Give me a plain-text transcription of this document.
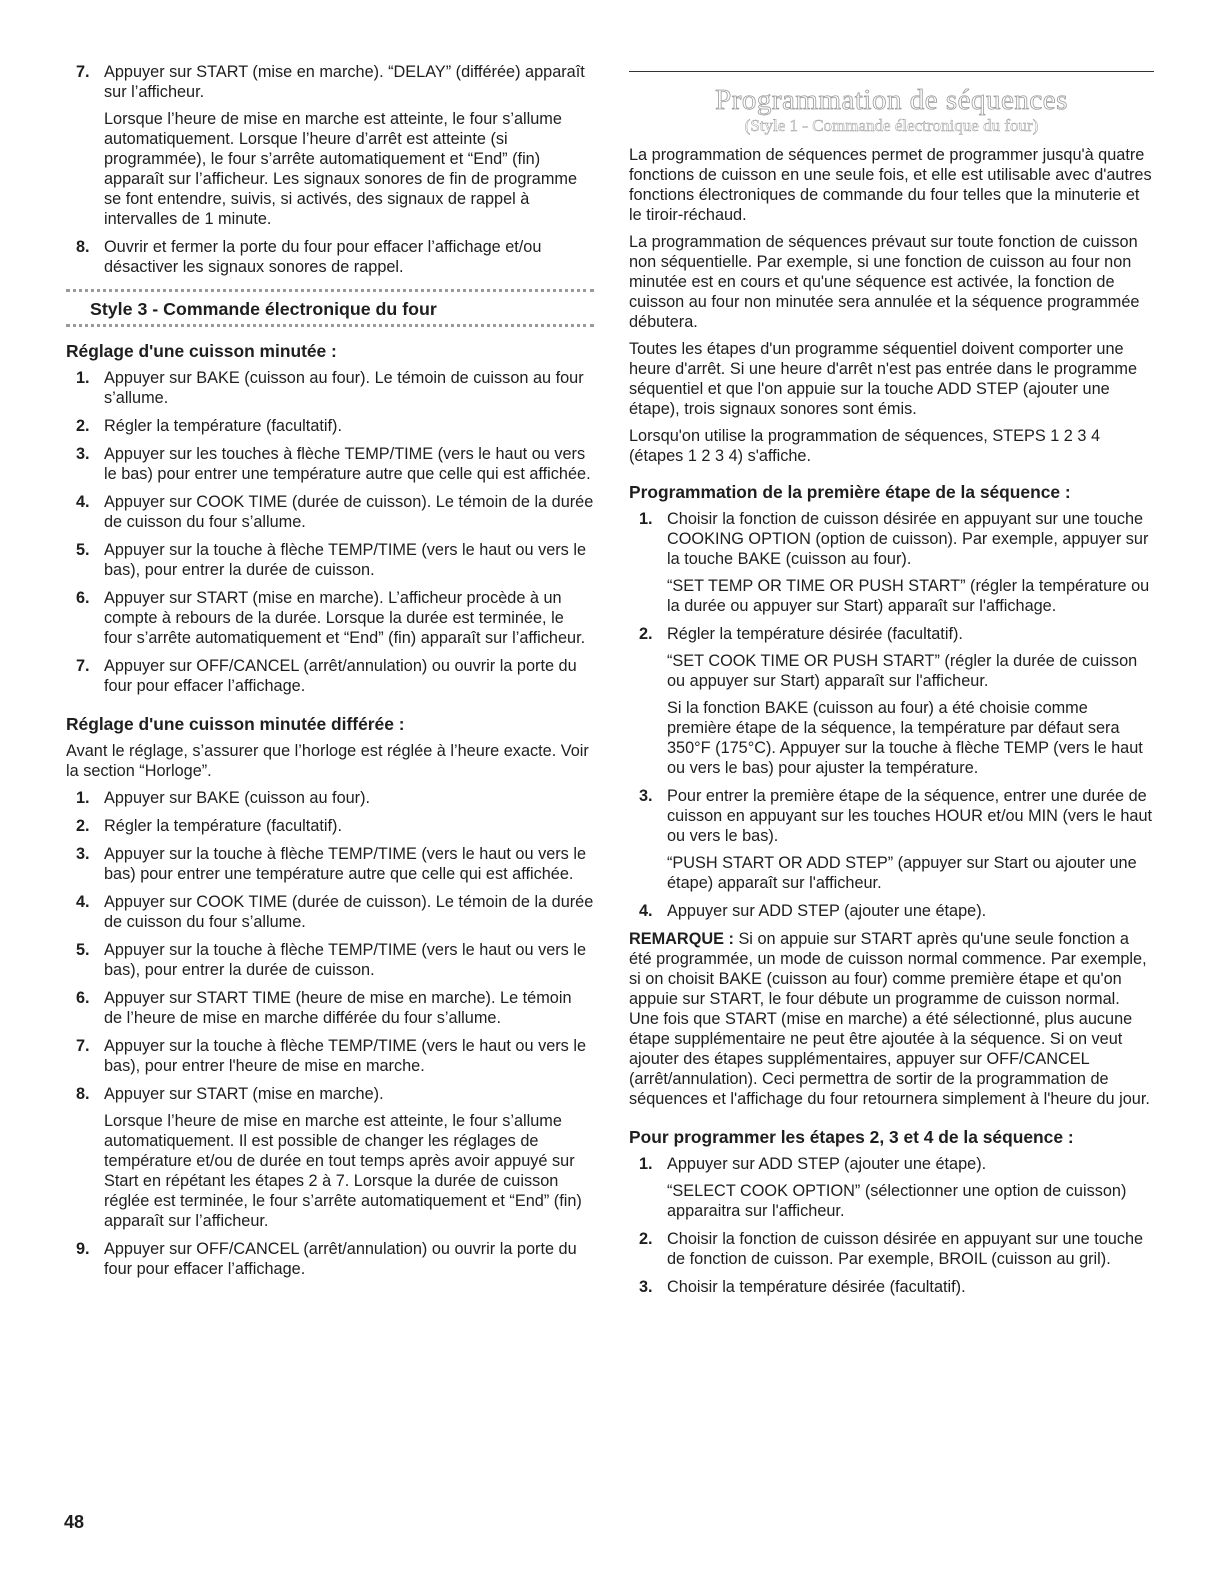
7. Appuyer sur START (mise en marche). “DELAY” (différée) apparaît sur l’afficheur.
Lorsque l’heure de mise en marche est atteinte, le four s’allume automatiquement. Lorsque l’heure d’arrêt est atteinte (si programmée), le four s’arrête automatiquement et “End” (fin) apparaît sur l’afficheur. Les signaux sonores de fin de programme se font entendre, suivis, si activés, des signaux de rappel à intervalles de 1 minute.
8. Ouvrir et fermer la porte du four pour effacer l’affichage et/ou désactiver les signaux sonores de rappel.
Style 3 - Commande électronique du four
Réglage d'une cuisson minutée :
1. Appuyer sur BAKE (cuisson au four). Le témoin de cuisson au four s’allume.
2. Régler la température (facultatif).
3. Appuyer sur les touches à flèche TEMP/TIME (vers le haut ou vers le bas) pour entrer une température autre que celle qui est affichée.
4. Appuyer sur COOK TIME (durée de cuisson). Le témoin de la durée de cuisson du four s’allume.
5. Appuyer sur la touche à flèche TEMP/TIME (vers le haut ou vers le bas), pour entrer la durée de cuisson.
6. Appuyer sur START (mise en marche). L’afficheur procède à un compte à rebours de la durée. Lorsque la durée est terminée, le four s’arrête automatiquement et “End” (fin) apparaît sur l’afficheur.
7. Appuyer sur OFF/CANCEL (arrêt/annulation) ou ouvrir la porte du four pour effacer l’affichage.
Réglage d'une cuisson minutée différée :
Avant le réglage, s’assurer que l’horloge est réglée à l’heure exacte. Voir la section “Horloge”.
1. Appuyer sur BAKE (cuisson au four).
2. Régler la température (facultatif).
3. Appuyer sur la touche à flèche TEMP/TIME (vers le haut ou vers le bas) pour entrer une température autre que celle qui est affichée.
4. Appuyer sur COOK TIME (durée de cuisson). Le témoin de la durée de cuisson du four s’allume.
5. Appuyer sur la touche à flèche TEMP/TIME (vers le haut ou vers le bas), pour entrer la durée de cuisson.
6. Appuyer sur START TIME (heure de mise en marche). Le témoin de l’heure de mise en marche différée du four s’allume.
7. Appuyer sur la touche à flèche TEMP/TIME (vers le haut ou vers le bas), pour entrer l'heure de mise en marche.
8. Appuyer sur START (mise en marche).
Lorsque l’heure de mise en marche est atteinte, le four s’allume automatiquement. Il est possible de changer les réglages de température et/ou de durée en tout temps après avoir appuyé sur Start en répétant les étapes 2 à 7. Lorsque la durée de cuisson réglée est terminée, le four s’arrête automatiquement et “End” (fin) apparaît sur l’afficheur.
9. Appuyer sur OFF/CANCEL (arrêt/annulation) ou ouvrir la porte du four pour effacer l’affichage.
Programmation de séquences
(Style 1 - Commande électronique du four)
La programmation de séquences permet de programmer jusqu'à quatre fonctions de cuisson en une seule fois, et elle est utilisable avec d'autres fonctions électroniques de commande du four telles que la minuterie et le tiroir-réchaud.
La programmation de séquences prévaut sur toute fonction de cuisson non séquentielle. Par exemple, si une fonction de cuisson au four non minutée est en cours et qu'une séquence est activée, la fonction de cuisson au four non minutée sera annulée et la séquence programmée débutera.
Toutes les étapes d'un programme séquentiel doivent comporter une heure d'arrêt. Si une heure d'arrêt n'est pas entrée dans le programme séquentiel et que l'on appuie sur la touche ADD STEP (ajouter une étape), trois signaux sonores sont émis.
Lorsqu'on utilise la programmation de séquences, STEPS 1 2 3 4 (étapes 1 2 3 4) s'affiche.
Programmation de la première étape de la séquence :
1. Choisir la fonction de cuisson désirée en appuyant sur une touche COOKING OPTION (option de cuisson). Par exemple, appuyer sur la touche BAKE (cuisson au four).
“SET TEMP OR TIME OR PUSH START” (régler la température ou la durée ou appuyer sur Start) apparaît sur l'affichage.
2. Régler la température désirée (facultatif).
“SET COOK TIME OR PUSH START” (régler la durée de cuisson ou appuyer sur Start) apparaît sur l'afficheur.
Si la fonction BAKE (cuisson au four) a été choisie comme première étape de la séquence, la température par défaut sera 350°F (175°C). Appuyer sur la touche à flèche TEMP (vers le haut ou vers le bas) pour ajuster la température.
3. Pour entrer la première étape de la séquence, entrer une durée de cuisson en appuyant sur les touches HOUR et/ou MIN (vers le haut ou vers le bas).
“PUSH START OR ADD STEP” (appuyer sur Start ou ajouter une étape) apparaît sur l'afficheur.
4. Appuyer sur ADD STEP (ajouter une étape).
REMARQUE : Si on appuie sur START après qu'une seule fonction a été programmée, un mode de cuisson normal commence. Par exemple, si on choisit BAKE (cuisson au four) comme première étape et qu'on appuie sur START, le four débute un programme de cuisson normal. Une fois que START (mise en marche) a été sélectionné, plus aucune étape supplémentaire ne peut être ajoutée à la séquence. Si on veut ajouter des étapes supplémentaires, appuyer sur OFF/CANCEL (arrêt/annulation). Ceci permettra de sortir de la programmation de séquences et l'affichage du four retournera simplement à l'heure du jour.
Pour programmer les étapes 2, 3 et 4 de la séquence :
1. Appuyer sur ADD STEP (ajouter une étape).
“SELECT COOK OPTION” (sélectionner une option de cuisson) apparaitra sur l'afficheur.
2. Choisir la fonction de cuisson désirée en appuyant sur une touche de fonction de cuisson. Par exemple, BROIL (cuisson au gril).
3. Choisir la température désirée (facultatif).
48
